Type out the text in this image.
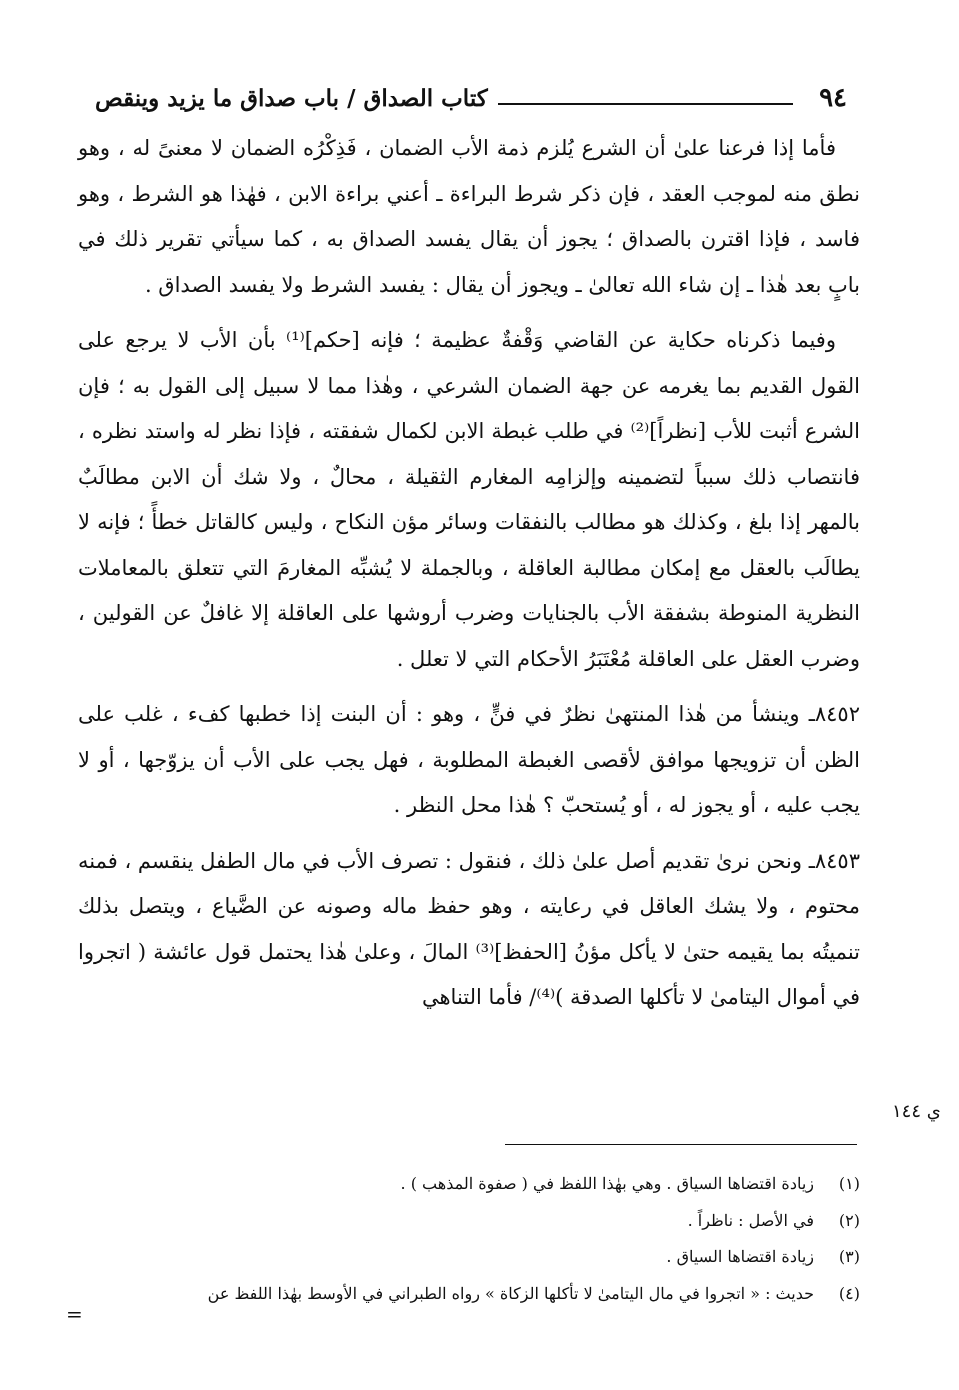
٩٤
كتاب الصداق / باب صداق ما يزيد وينقص

فأما إذا فرعنا علىٰ أن الشرع يُلزم ذمة الأب الضمان ، فَذِكْرُه الضمان لا معنىً له ، وهو نطق منه لموجب العقد ، فإن ذكر شرط البراءة ـ أعني براءة الابن ، فهٰذا هو الشرط ، وهو فاسد ، فإذا اقترن بالصداق ؛ يجوز أن يقال يفسد الصداق به ، كما سيأتي تقرير ذلك في بابٍ بعد هٰذا ـ إن شاء الله تعالىٰ ـ ويجوز أن يقال : يفسد الشرط ولا يفسد الصداق .

وفيما ذكرناه حكاية عن القاضي وَقْفةٌ عظيمة ؛ فإنه [حكم]⁽¹⁾ بأن الأب لا يرجع على القول القديم بما يغرمه عن جهة الضمان الشرعي ، وهٰذا مما لا سبيل إلى القول به ؛ فإن الشرع أثبت للأب [نظراً]⁽²⁾ في طلب غبطة الابن لكمال شفقته ، فإذا نظر له واستد نظره ، فانتصاب ذلك سبباً لتضمينه وإلزامِه المغارم الثقيلة ، محالٌ ، ولا شك أن الابن مطالَبٌ بالمهر إذا بلغ ، وكذلك هو مطالب بالنفقات وسائر مؤن النكاح ، وليس كالقاتل خطأً ؛ فإنه لا يطالَب بالعقل مع إمكان مطالبة العاقلة ، وبالجملة لا يُشبِّه المغارمَ التي تتعلق بالمعاملات النظرية المنوطة بشفقة الأب بالجنايات وضرب أروشها على العاقلة إلا غافلٌ عن القولين ، وضرب العقل على العاقلة مُعْتَبَرُ الأحكام التي لا تعلل .

٨٤٥٢ـ وينشأ من هٰذا المنتهىٰ نظرٌ في فنٍّ ، وهو : أن البنت إذا خطبها كفء ، غلب على الظن أن تزويجها موافق لأقصى الغبطة المطلوبة ، فهل يجب على الأب أن يزوّجها ، أو لا يجب عليه ، أو يجوز له ، أو يُستحبّ ؟ هٰذا محل النظر .

٨٤٥٣ـ ونحن نرىٰ تقديم أصل علىٰ ذلك ، فنقول : تصرف الأب في مال الطفل ينقسم ، فمنه محتوم ، ولا يشك العاقل في رعايته ، وهو حفظ ماله وصونه عن الضَّياع ، ويتصل بذلك تنميتُه بما يقيمه حتىٰ لا يأكل مؤنُ [الحفظ]⁽³⁾ المالَ ، وعلىٰ هٰذا يحتمل قول عائشة ( اتجروا في أموال اليتامىٰ لا تأكلها الصدقة )⁽⁴⁾/ فأما التناهي

ي ١٤٤
(١)
زيادة اقتضاها السياق . وهي بهٰذا اللفظ في ( صفوة المذهب ) .
(٢)
في الأصل : ناظراً .
(٣)
زيادة اقتضاها السياق .
(٤)
حديث : « اتجروا في مال اليتامىٰ لا تأكلها الزكاة » رواه الطبراني في الأوسط بهٰذا اللفظ عن
=
